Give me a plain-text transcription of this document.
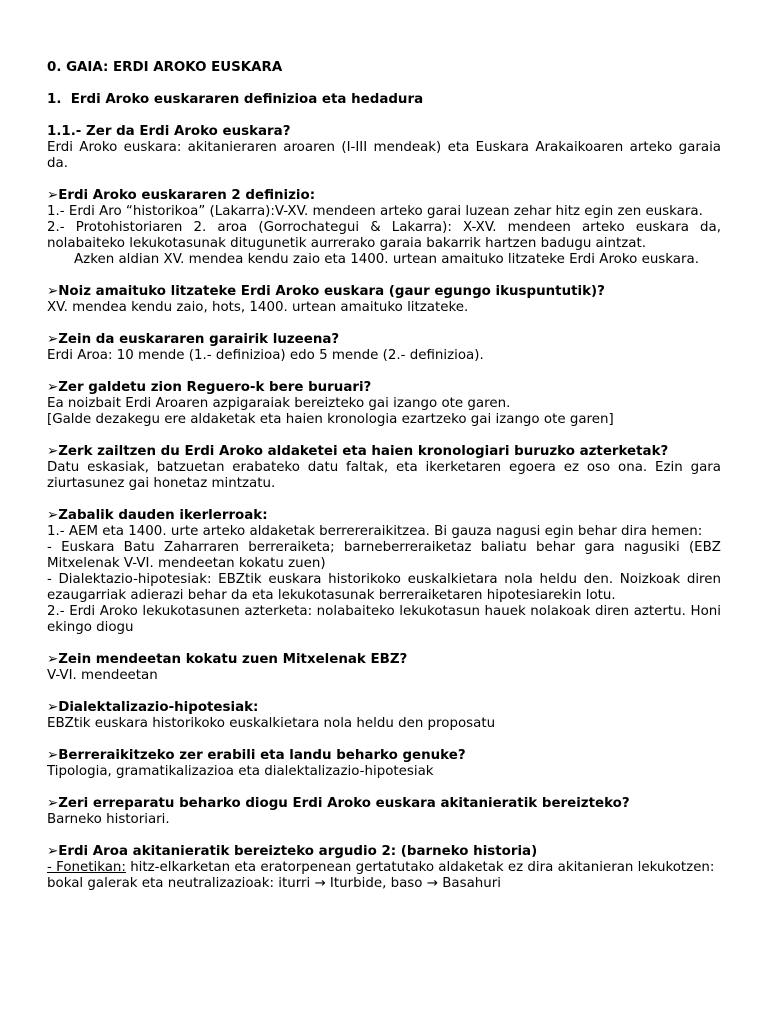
0. GAIA: ERDI AROKO EUSKARA
1.  Erdi Aroko euskararen definizioa eta hedadura
1.1.- Zer da Erdi Aroko euskara?
Erdi Aroko euskara: akitanieraren aroaren (I-III mendeak) eta Euskara Arakaikoaren arteko garaia da.
➢Erdi Aroko euskararen 2 definizio:
1.- Erdi Aro “historikoa” (Lakarra):V-XV. mendeen arteko garai luzean zehar hitz egin zen euskara.
2.- Protohistoriaren 2. aroa (Gorrochategui & Lakarra): X-XV. mendeen arteko euskara da, nolabaiteko lekukotasunak ditugunetik aurrerako garaia bakarrik hartzen badugu aintzat.
Azken aldian XV. mendea kendu zaio eta 1400. urtean amaituko litzateke Erdi Aroko euskara.
➢Noiz amaituko litzateke Erdi Aroko euskara (gaur egungo ikuspuntutik)?
XV. mendea kendu zaio, hots, 1400. urtean amaituko litzateke.
➢Zein da euskararen garairik luzeena?
Erdi Aroa: 10 mende (1.- definizioa) edo 5 mende (2.- definizioa).
➢Zer galdetu zion Reguero-k bere buruari?
Ea noizbait Erdi Aroaren azpigaraiak bereizteko gai izango ote garen.
[Galde dezakegu ere aldaketak eta haien kronologia ezartzeko gai izango ote garen]
➢Zerk zailtzen du Erdi Aroko aldaketei eta haien kronologiari buruzko azterketak?
Datu eskasiak, batzuetan erabateko datu faltak, eta ikerketaren egoera ez oso ona. Ezin gara ziurtasunez gai honetaz mintzatu.
➢Zabalik dauden ikerlerroak:
1.- AEM eta 1400. urte arteko aldaketak berrereraikitzea. Bi gauza nagusi egin behar dira hemen:
- Euskara Batu Zaharraren berreraiketa; barneberreraiketaz baliatu behar gara nagusiki (EBZ Mitxelenak V-VI. mendeetan kokatu zuen)
- Dialektazio-hipotesiak: EBZtik euskara historikoko euskalkietara nola heldu den. Noizkoak diren ezaugarriak adierazi behar da eta lekukotasunak berreraiketaren hipotesiarekin lotu.
2.- Erdi Aroko lekukotasunen azterketa: nolabaiteko lekukotasun hauek nolakoak diren aztertu. Honi ekingo diogu
➢Zein mendeetan kokatu zuen Mitxelenak EBZ?
V-VI. mendeetan
➢Dialektalizazio-hipotesiak:
EBZtik euskara historikoko euskalkietara nola heldu den proposatu
➢Berreraikitzeko zer erabili eta landu beharko genuke?
Tipologia, gramatikalizazioa eta dialektalizazio-hipotesiak
➢Zeri erreparatu beharko diogu Erdi Aroko euskara akitanieratik bereizteko?
Barneko historiari.
➢Erdi Aroa akitanieratik bereizteko argudio 2: (barneko historia)
- Fonetikan: hitz-elkarketan eta eratorpenean gertatutako aldaketak ez dira akitanieran lekukotzen:
bokal galerak eta neutralizazioak: iturri → Iturbide, baso → Basahuri
